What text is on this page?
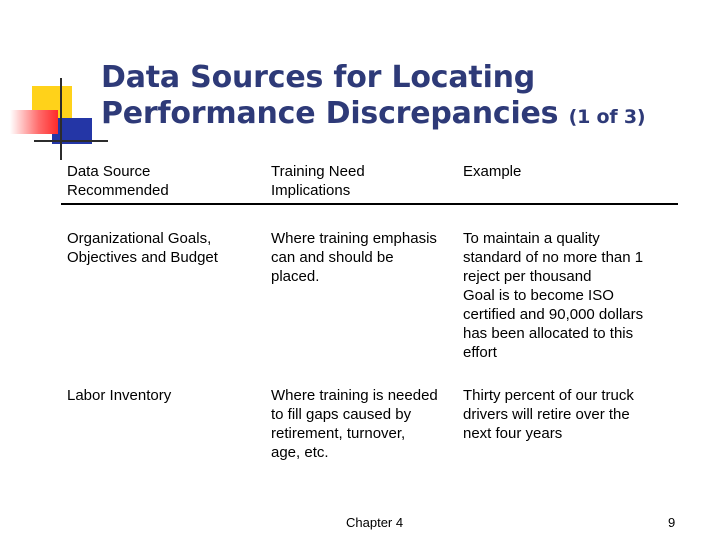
Data Sources for Locating
Performance Discrepancies (1 of 3)
Data Source
Recommended
Training Need
Implications
Example
Organizational Goals,
Objectives and Budget
Where training emphasis
can and should be
placed.
To maintain a quality
standard of no more than 1
reject per thousand
Goal is to become ISO
certified and 90,000 dollars
has been allocated to this
effort
Labor Inventory	Where training is needed
to fill gaps caused by
retirement, turnover,
age, etc.
Thirty percent of our truck
drivers will retire over the
next four years
Chapter 4	9
